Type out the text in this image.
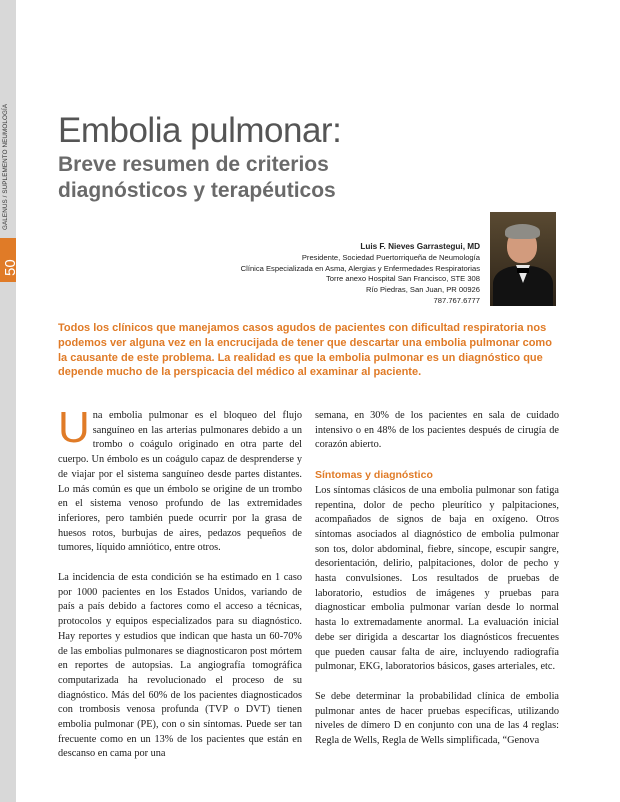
GALENUS / SUPLEMENTO NEUMOLOGÍA
50
Embolia pulmonar:
Breve resumen de criterios diagnósticos y terapéuticos
Luis F. Nieves Garrastegui, MD
Presidente, Sociedad Puertorriqueña de Neumología
Clínica Especializada en Asma, Alergias y Enfermedades Respiratorias
Torre anexo Hospital San Francisco, STE 308
Río Piedras, San Juan, PR 00926
787.767.6777

Todos los clínicos que manejamos casos agudos de pacientes con dificultad respiratoria nos podemos ver alguna vez en la encrucijada de tener que descartar una embolia pulmonar como la causante de este problema. La realidad es que la embolia pulmonar es un diagnóstico que depende mucho de la perspicacia del médico al examinar al paciente.

Una embolia pulmonar es el bloqueo del flujo sanguíneo en las arterias pulmonares debido a un trombo o coágulo originado en otra parte del cuerpo. Un émbolo es un coágulo capaz de desprenderse y de viajar por el sistema sanguíneo desde partes distantes. Lo más común es que un émbolo se origine de un trombo en el sistema venoso profundo de las extremidades inferiores, pero también puede ocurrir por la grasa de huesos rotos, burbujas de aires, pedazos pequeños de tumores, líquido amniótico, entre otros.

La incidencia de esta condición se ha estimado en 1 caso por 1000 pacientes en los Estados Unidos, variando de país a país debido a factores como el acceso a técnicas, protocolos y equipos especializados para su diagnóstico. Hay reportes y estudios que indican que hasta un 60-70% de las embolias pulmonares se diagnosticaron post mórtem en reportes de autopsias. La angiografía tomográfica computarizada ha revolucionado el proceso de su diagnóstico. Más del 60% de los pacientes diagnosticados con trombosis venosa profunda (TVP o DVT) tienen embolia pulmonar (PE), con o sin síntomas. Puede ser tan frecuente como en un 13% de los pacientes que están en descanso en cama por una

semana, en 30% de los pacientes en sala de cuidado intensivo o en 48% de los pacientes después de cirugía de corazón abierto.

Síntomas y diagnóstico

Los síntomas clásicos de una embolia pulmonar son fatiga repentina, dolor de pecho pleurítico y palpitaciones, acompañados de signos de baja en oxígeno. Otros síntomas asociados al diagnóstico de embolia pulmonar son tos, dolor abdominal, fiebre, síncope, escupir sangre, desorientación, delirio, palpitaciones, dolor de pecho y hasta convulsiones. Los resultados de pruebas de laboratorio, estudios de imágenes y pruebas para diagnosticar embolia pulmonar varían desde lo normal hasta lo extremadamente anormal. La evaluación inicial debe ser dirigida a descartar los diagnósticos frecuentes que pueden causar falta de aire, incluyendo radiografía pulmonar, EKG, laboratorios básicos, gases arteriales, etc.

Se debe determinar la probabilidad clínica de embolia pulmonar antes de hacer pruebas específicas, utilizando niveles de dímero D en conjunto con una de las 4 reglas: Regla de Wells, Regla de Wells simplificada, “Genova
